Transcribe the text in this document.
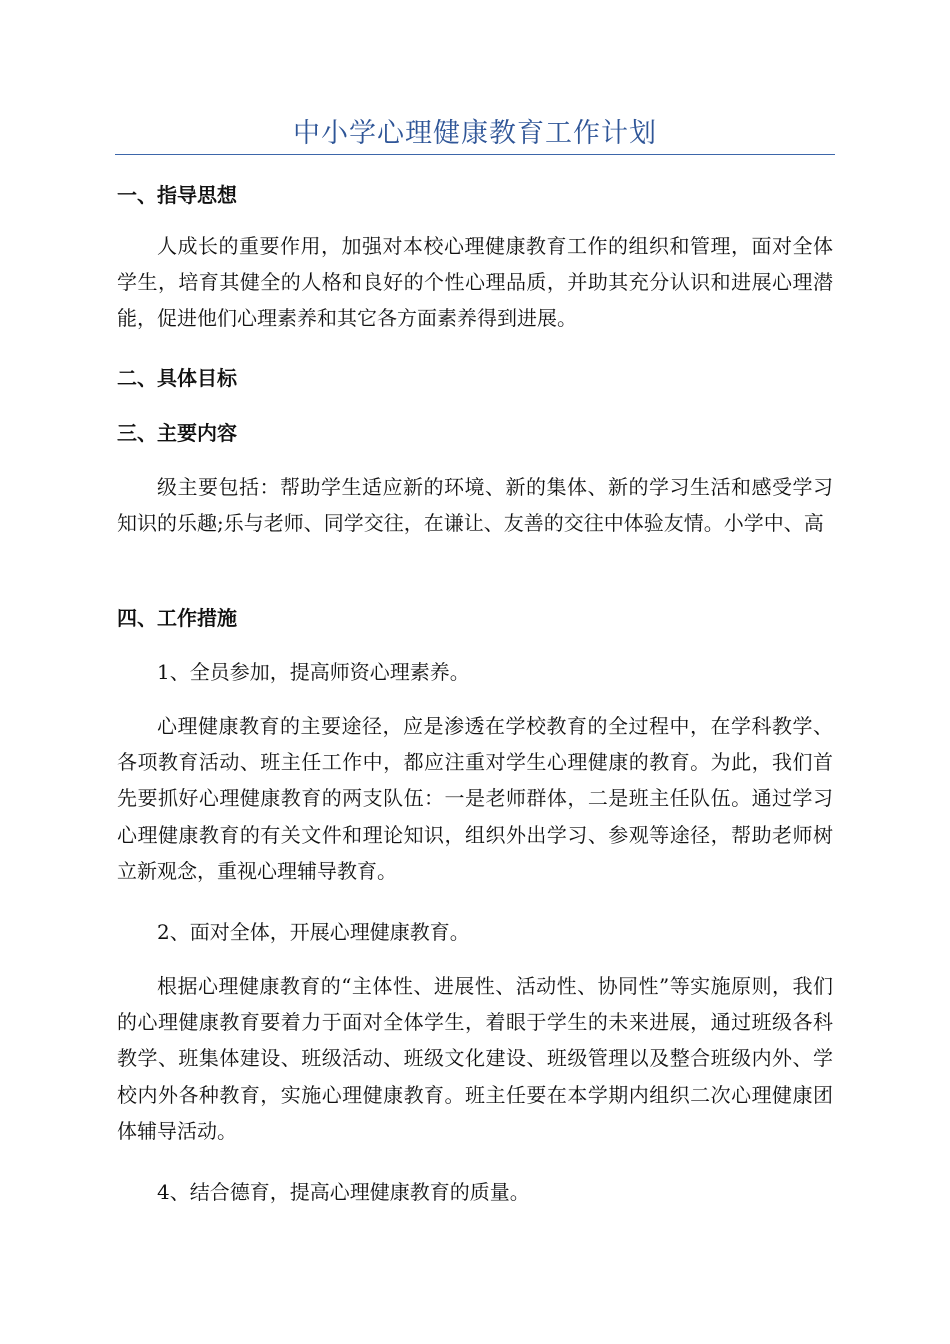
中小学心理健康教育工作计划
一、指导思想

人成长的重要作用，加强对本校心理健康教育工作的组织和管理，面对全体学生，培育其健全的人格和良好的个性心理品质，并助其充分认识和进展心理潜能，促进他们心理素养和其它各方面素养得到进展。

二、具体目标
三、主要内容

级主要包括：帮助学生适应新的环境、新的集体、新的学习生活和感受学习知识的乐趣;乐与老师、同学交往，在谦让、友善的交往中体验友情。小学中、高

四、工作措施

1、全员参加，提高师资心理素养。

心理健康教育的主要途径，应是渗透在学校教育的全过程中，在学科教学、各项教育活动、班主任工作中，都应注重对学生心理健康的教育。为此，我们首先要抓好心理健康教育的两支队伍：一是老师群体，二是班主任队伍。通过学习心理健康教育的有关文件和理论知识，组织外出学习、参观等途径，帮助老师树立新观念，重视心理辅导教育。

2、面对全体，开展心理健康教育。

根据心理健康教育的“主体性、进展性、活动性、协同性”等实施原则，我们的心理健康教育要着力于面对全体学生，着眼于学生的未来进展，通过班级各科教学、班集体建设、班级活动、班级文化建设、班级管理以及整合班级内外、学校内外各种教育，实施心理健康教育。班主任要在本学期内组织二次心理健康团体辅导活动。

4、结合德育，提高心理健康教育的质量。
